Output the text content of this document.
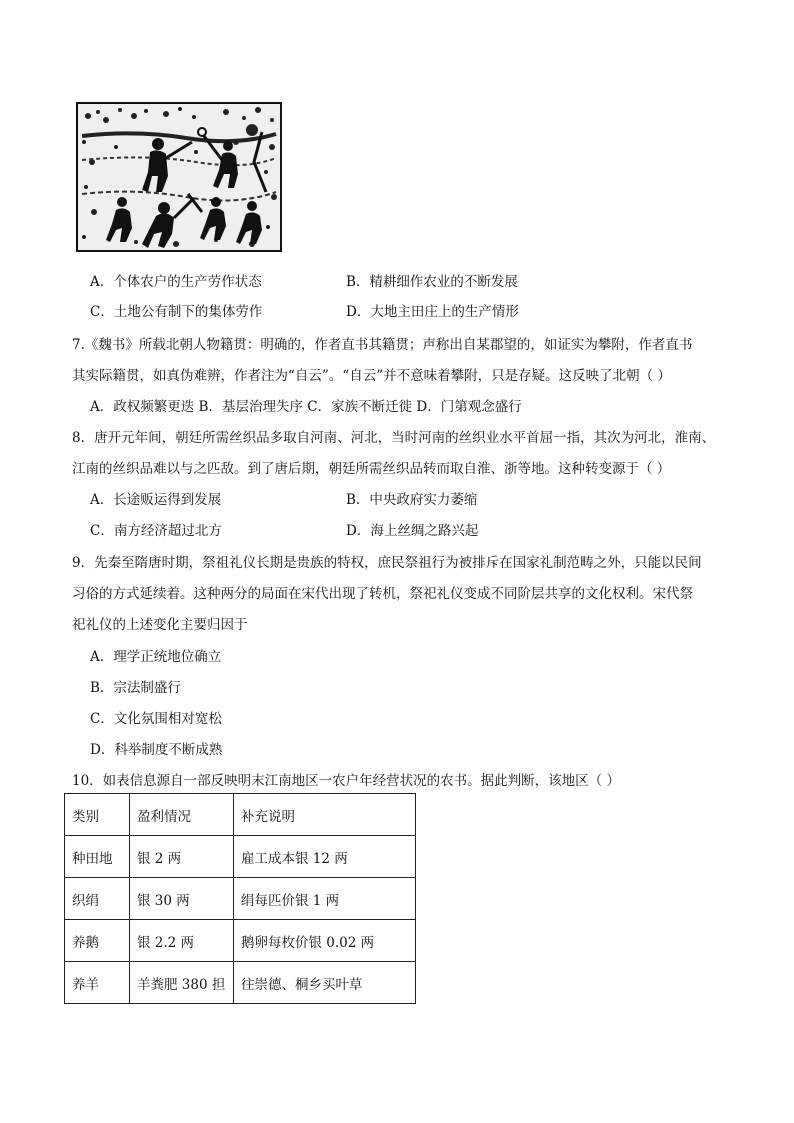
A．个体农户的生产劳作状态	B．精耕细作农业的不断发展
C．土地公有制下的集体劳作	D．大地主田庄上的生产情形
7.《魏书》所载北朝人物籍贯：明确的，作者直书其籍贯；声称出自某郡望的，如证实为攀附，作者直书
其实际籍贯，如真伪难辨，作者注为“自云”。“自云”并不意味着攀附，只是存疑。这反映了北朝（ ）
A．政权频繁更迭 B．基层治理失序 C．家族不断迁徙 D．门第观念盛行
8．唐开元年间，朝廷所需丝织品多取自河南、河北，当时河南的丝织业水平首屈一指，其次为河北，淮南、
江南的丝织品难以与之匹敌。到了唐后期，朝廷所需丝织品转而取自淮、浙等地。这种转变源于（ ）
A．长途贩运得到发展	B．中央政府实力萎缩
C．南方经济超过北方	D．海上丝绸之路兴起
9．先秦至隋唐时期，祭祖礼仪长期是贵族的特权，庶民祭祖行为被排斥在国家礼制范畴之外，只能以民间
习俗的方式延续着。这种两分的局面在宋代出现了转机，祭祀礼仪变成不同阶层共享的文化权利。宋代祭
祀礼仪的上述变化主要归因于
A．理学正统地位确立
B．宗法制盛行
C．文化氛围相对宽松
D．科举制度不断成熟
10．如表信息源自一部反映明末江南地区一农户年经营状况的农书。据此判断，该地区（ ）
类别	盈利情况	补充说明
种田地	银 2 两	雇工成本银 12 两
织绢	银 30 两	绢每匹价银 1 两
养鹅	银 2.2 两	鹅卵每枚价银 0.02 两
养羊	羊粪肥 380 担	往崇德、桐乡买叶草
